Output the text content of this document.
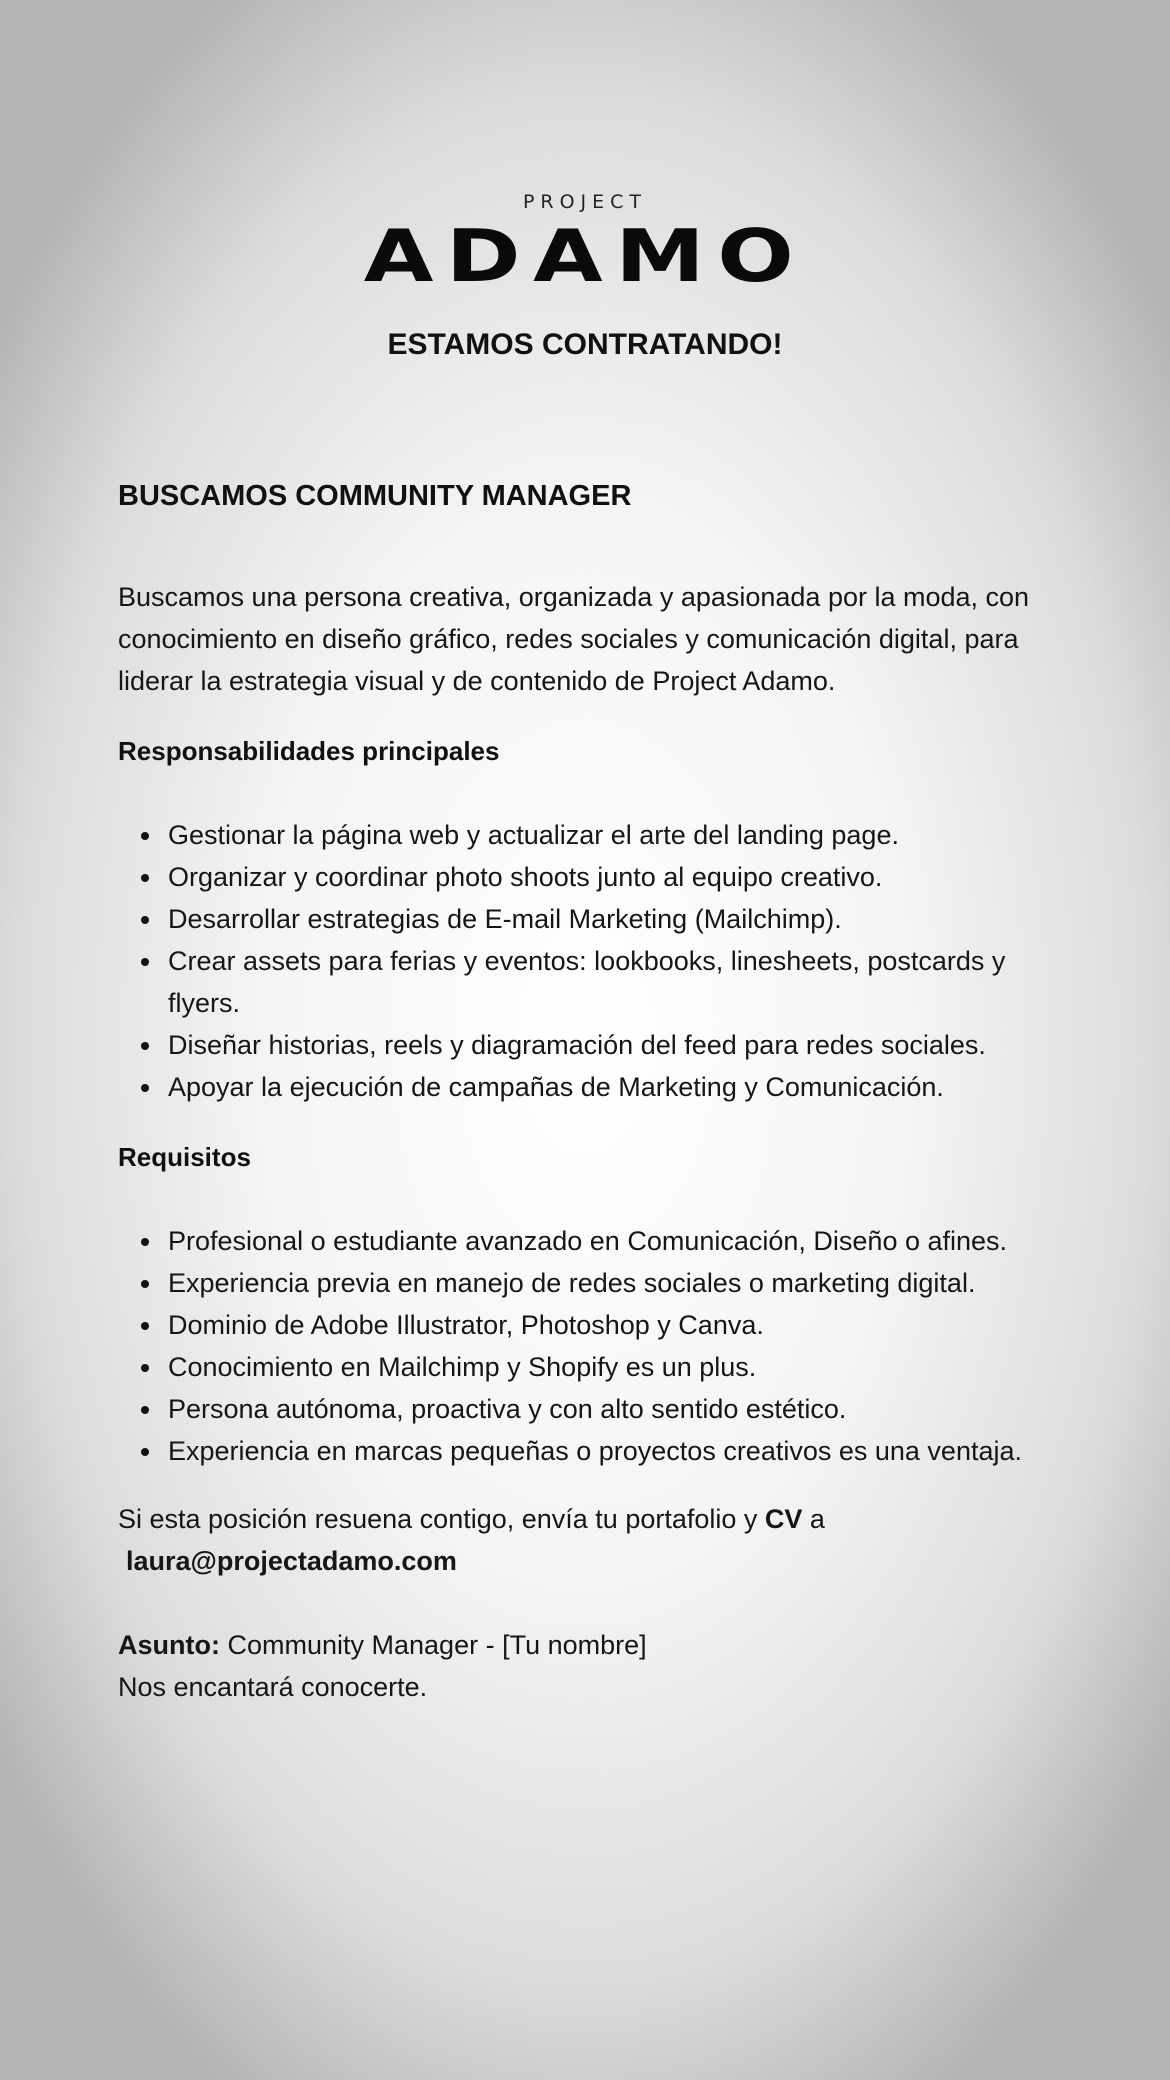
PROJECT
ADAMO
ESTAMOS CONTRATANDO!
BUSCAMOS COMMUNITY MANAGER

Buscamos una persona creativa, organizada y apasionada por la moda, con conocimiento en diseño gráfico, redes sociales y comunicación digital, para liderar la estrategia visual y de contenido de Project Adamo.

Responsabilidades principales
Gestionar la página web y actualizar el arte del landing page.
Organizar y coordinar photo shoots junto al equipo creativo.
Desarrollar estrategias de E-mail Marketing (Mailchimp).
Crear assets para ferias y eventos: lookbooks, linesheets, postcards y flyers.
Diseñar historias, reels y diagramación del feed para redes sociales.
Apoyar la ejecución de campañas de Marketing y Comunicación.
Requisitos
Profesional o estudiante avanzado en Comunicación, Diseño o afines.
Experiencia previa en manejo de redes sociales o marketing digital.
Dominio de Adobe Illustrator, Photoshop y Canva.
Conocimiento en Mailchimp y Shopify es un plus.
Persona autónoma, proactiva y con alto sentido estético.
Experiencia en marcas pequeñas o proyectos creativos es una ventaja.

Si esta posición resuena contigo, envía tu portafolio y CV a
laura@projectadamo.com

Asunto: Community Manager - [Tu nombre]

Nos encantará conocerte.
